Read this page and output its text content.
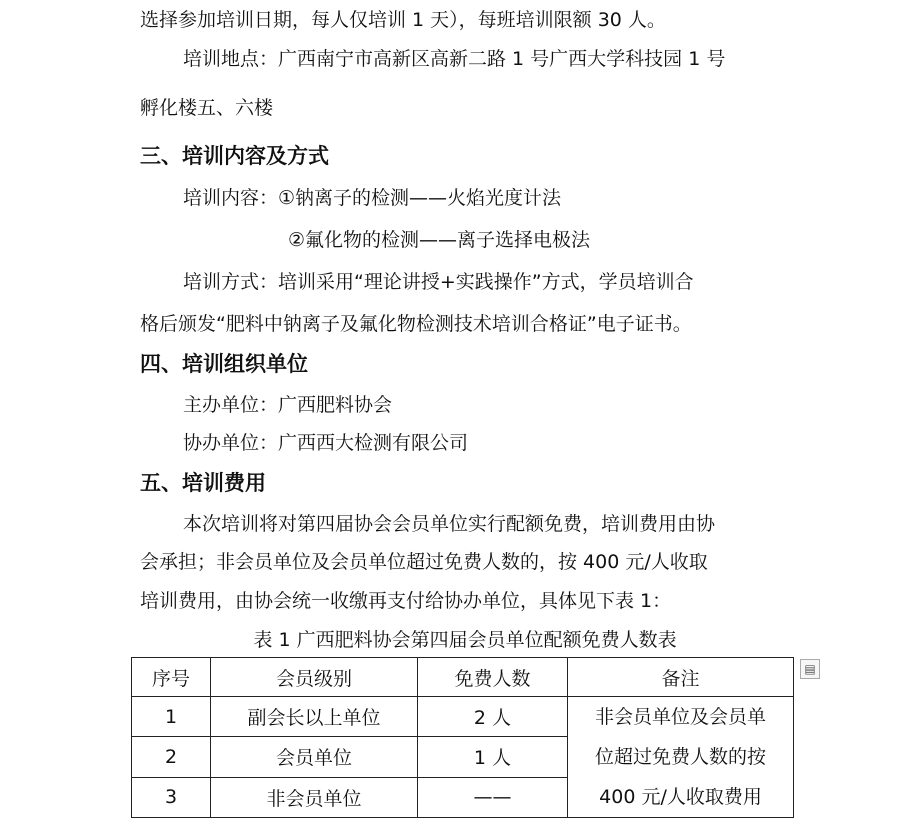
选择参加培训日期，每人仅培训 1 天），每班培训限额 30 人。
培训地点：广西南宁市高新区高新二路 1 号广西大学科技园 1 号
孵化楼五、六楼
三、培训内容及方式
培训内容：①钠离子的检测——火焰光度计法
②氟化物的检测——离子选择电极法
培训方式：培训采用“理论讲授+实践操作”方式，学员培训合
格后颁发“肥料中钠离子及氟化物检测技术培训合格证”电子证书。
四、培训组织单位
主办单位：广西肥料协会
协办单位：广西西大检测有限公司
五、培训费用
本次培训将对第四届协会会员单位实行配额免费，培训费用由协
会承担；非会员单位及会员单位超过免费人数的，按 400 元/人收取
培训费用，由协会统一收缴再支付给协办单位，具体见下表 1：
表 1 广西肥料协会第四届会员单位配额免费人数表
序号	会员级别	免费人数	备注
1	副会长以上单位	2 人	非会员单位及会员单
位超过免费人数的按
400 元/人收取费用

2	会员单位	1 人	
3	非会员单位	——	
▤
